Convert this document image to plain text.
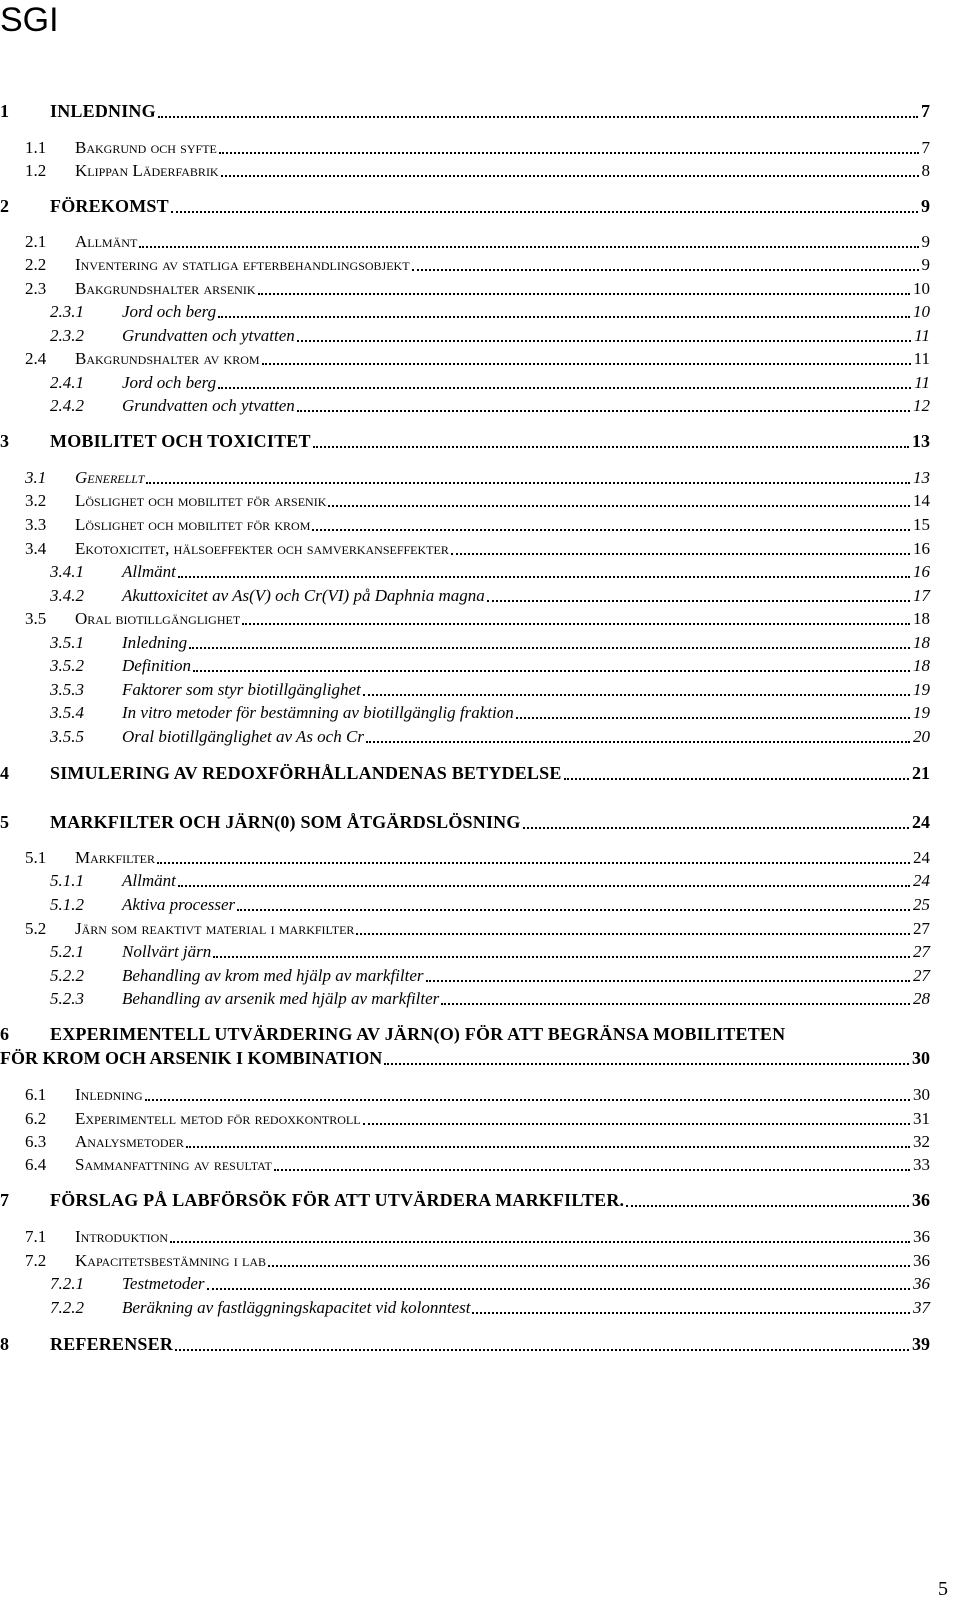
SGI
1 INLEDNING	7
1.1 Bakgrund och syfte	7
1.2 Klippan Läderfabrik	8
2 FÖREKOMST	9
2.1 Allmänt	9
2.2 Inventering av statliga efterbehandlingsobjekt	9
2.3 Bakgrundshalter arsenik	10
2.3.1 Jord och berg	10
2.3.2 Grundvatten och ytvatten	11
2.4 Bakgrundshalter av krom	11
2.4.1 Jord och berg	11
2.4.2 Grundvatten och ytvatten	12
3 MOBILITET OCH TOXICITET	13
3.1 Generellt	13
3.2 Löslighet och mobilitet för arsenik	14
3.3 Löslighet och mobilitet för krom	15
3.4 Ekotoxicitet, hälsoeffekter och samverkanseffekter	16
3.4.1 Allmänt	16
3.4.2 Akuttoxicitet av As(V) och Cr(VI) på Daphnia magna	17
3.5 Oral biotillgänglighet	18
3.5.1 Inledning	18
3.5.2 Definition	18
3.5.3 Faktorer som styr biotillgänglighet	19
3.5.4 In vitro metoder för bestämning av biotillgänglig fraktion	19
3.5.5 Oral biotillgänglighet av As och Cr	20
4 SIMULERING AV REDOXFÖRHÅLLANDENAS BETYDELSE	21
5 MARKFILTER OCH JÄRN(0) SOM ÅTGÄRDSLÖSNING	24
5.1 Markfilter	24
5.1.1 Allmänt	24
5.1.2 Aktiva processer	25
5.2 Järn som reaktivt material i markfilter	27
5.2.1 Nollvärt järn	27
5.2.2 Behandling av krom med hjälp av markfilter	27
5.2.3 Behandling av arsenik med hjälp av markfilter	28
6 EXPERIMENTELL UTVÄRDERING AV JÄRN(O) FÖR ATT BEGRÄNSA MOBILITETEN
FÖR KROM OCH ARSENIK I KOMBINATION	30
6.1 Inledning	30
6.2 Experimentell metod för redoxkontroll	31
6.3 Analysmetoder	32
6.4 Sammanfattning av resultat	33
7 FÖRSLAG PÅ LABFÖRSÖK FÖR ATT UTVÄRDERA MARKFILTER.	36
7.1 Introduktion	36
7.2 Kapacitetsbestämning i lab	36
7.2.1 Testmetoder	36
7.2.2 Beräkning av fastläggningskapacitet vid kolonntest	37
8 REFERENSER	39
5
